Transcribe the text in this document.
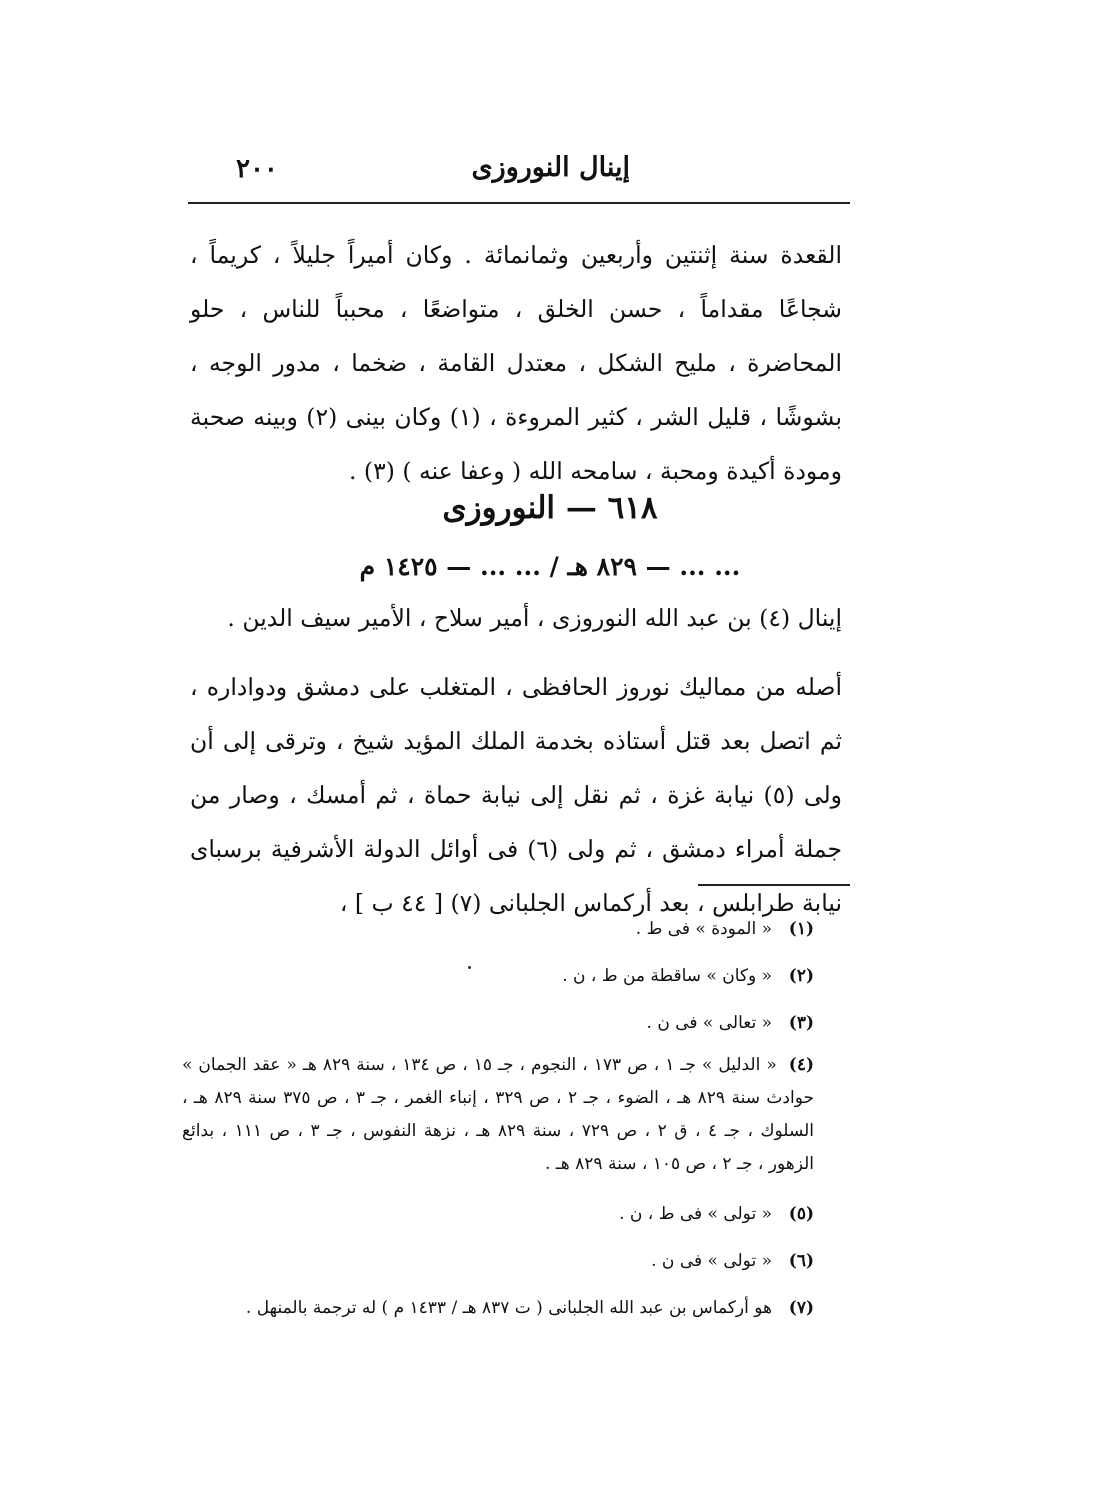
٢٠٠	إينال النوروزى

القعدة سنة إثنتين وأربعين وثمانمائة . وكان أميراً جليلاً ، كريماً ، شجاعًا مقداماً ، حسن الخلق ، متواضعًا ، محبباً للناس ، حلو المحاضرة ، مليح الشكل ، معتدل القامة ، ضخما ، مدور الوجه ، بشوشًا ، قليل الشر ، كثير المروءة ، (١) وكان بينى (٢) وبينه صحبة ومودة أكيدة ومحبة ، سامحه الله ( وعفا عنه ) (٣) .

٦١٨ — النوروزى

... ... — ٨٢٩ هـ / ... ... — ١٤٢٥ م

إينال (٤) بن عبد الله النوروزى ، أمير سلاح ، الأمير سيف الدين .

أصله من مماليك نوروز الحافظى ، المتغلب على دمشق ودواداره ، ثم اتصل بعد قتل أستاذه بخدمة الملك المؤيد شيخ ، وترقى إلى أن ولى (٥) نيابة غزة ، ثم نقل إلى نيابة حماة ، ثم أمسك ، وصار من جملة أمراء دمشق ، ثم ولى (٦) فى أوائل الدولة الأشرفية برسباى نيابة طرابلس ، بعد أركماس الجلبانى (٧) [ ٤٤ ب ] ،

(١)
« المودة » فى ط .
(٢)
« وكان » ساقطة من ط ، ن .
(٣)
« تعالى » فى ن .
(٤) « الدليل » جـ ١ ، ص ١٧٣ ، النجوم ، جـ ١٥ ، ص ١٣٤ ، سنة ٨٢٩ هـ « عقد الجمان » حوادث سنة ٨٢٩ هـ ، الضوء ، جـ ٢ ، ص ٣٢٩ ، إنباء الغمر ، جـ ٣ ، ص ٣٧٥ سنة ٨٢٩ هـ ، السلوك ، جـ ٤ ، ق ٢ ، ص ٧٢٩ ، سنة ٨٢٩ هـ ، نزهة النفوس ، جـ ٣ ، ص ١١١ ، بدائع الزهور ، جـ ٢ ، ص ١٠٥ ، سنة ٨٢٩ هـ .
(٥)
« تولى » فى ط ، ن .
(٦)
« تولى » فى ن .
(٧)
هو أركماس بن عبد الله الجلبانى ( ت ٨٣٧ هـ / ١٤٣٣ م ) له ترجمة بالمنهل .
